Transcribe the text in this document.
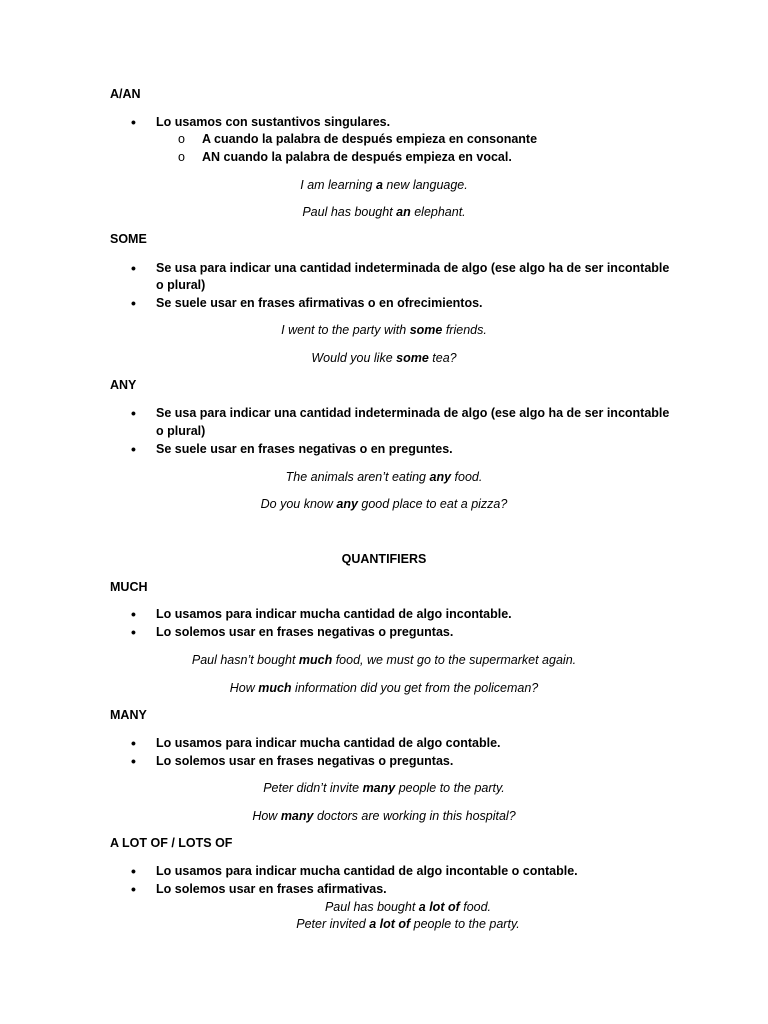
A/AN
• Lo usamos con sustantivos singulares.
o A cuando la palabra de después empieza en consonante
o AN cuando la palabra de después empieza en vocal.
I am learning a new language.
Paul has bought an elephant.
SOME
• Se usa para indicar una cantidad indeterminada de algo (ese algo ha de ser incontable
o plural)
• Se suele usar en frases afirmativas o en ofrecimientos.
I went to the party with some friends.
Would you like some tea?
ANY
• Se usa para indicar una cantidad indeterminada de algo (ese algo ha de ser incontable
o plural)
• Se suele usar en frases negativas o en preguntes.
The animals aren’t eating any food.
Do you know any good place to eat a pizza?
QUANTIFIERS
MUCH
• Lo usamos para indicar mucha cantidad de algo incontable.
• Lo solemos usar en frases negativas o preguntas.
Paul hasn’t bought much food, we must go to the supermarket again.
How much information did you get from the policeman?
MANY
• Lo usamos para indicar mucha cantidad de algo contable.
• Lo solemos usar en frases negativas o preguntas.
Peter didn’t invite many people to the party.
How many doctors are working in this hospital?
A LOT OF / LOTS OF
• Lo usamos para indicar mucha cantidad de algo incontable o contable.
• Lo solemos usar en frases afirmativas.
Paul has bought a lot of food.
Peter invited a lot of people to the party.
